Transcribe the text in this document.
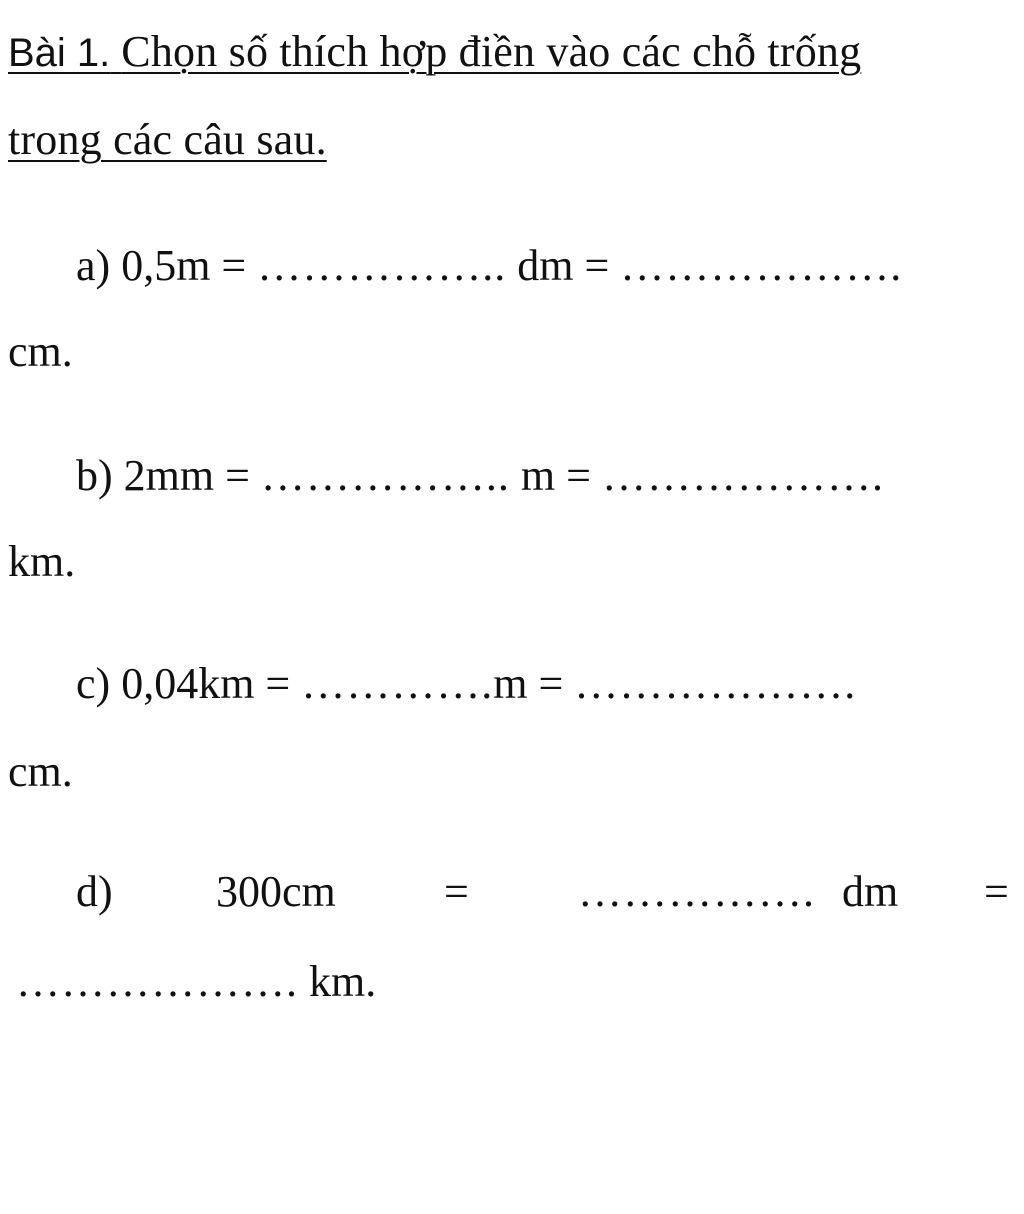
Bài 1. Chọn số thích hợp điền vào các chỗ trống
trong các câu sau.
a) 0,5m = …………….. dm = ……………….
cm.
b) 2mm = …………….. m = ……………….
km.
c) 0,04km = ………….m = ……………….
cm.
d) 300cm = ……………. dm =
………………. km.
